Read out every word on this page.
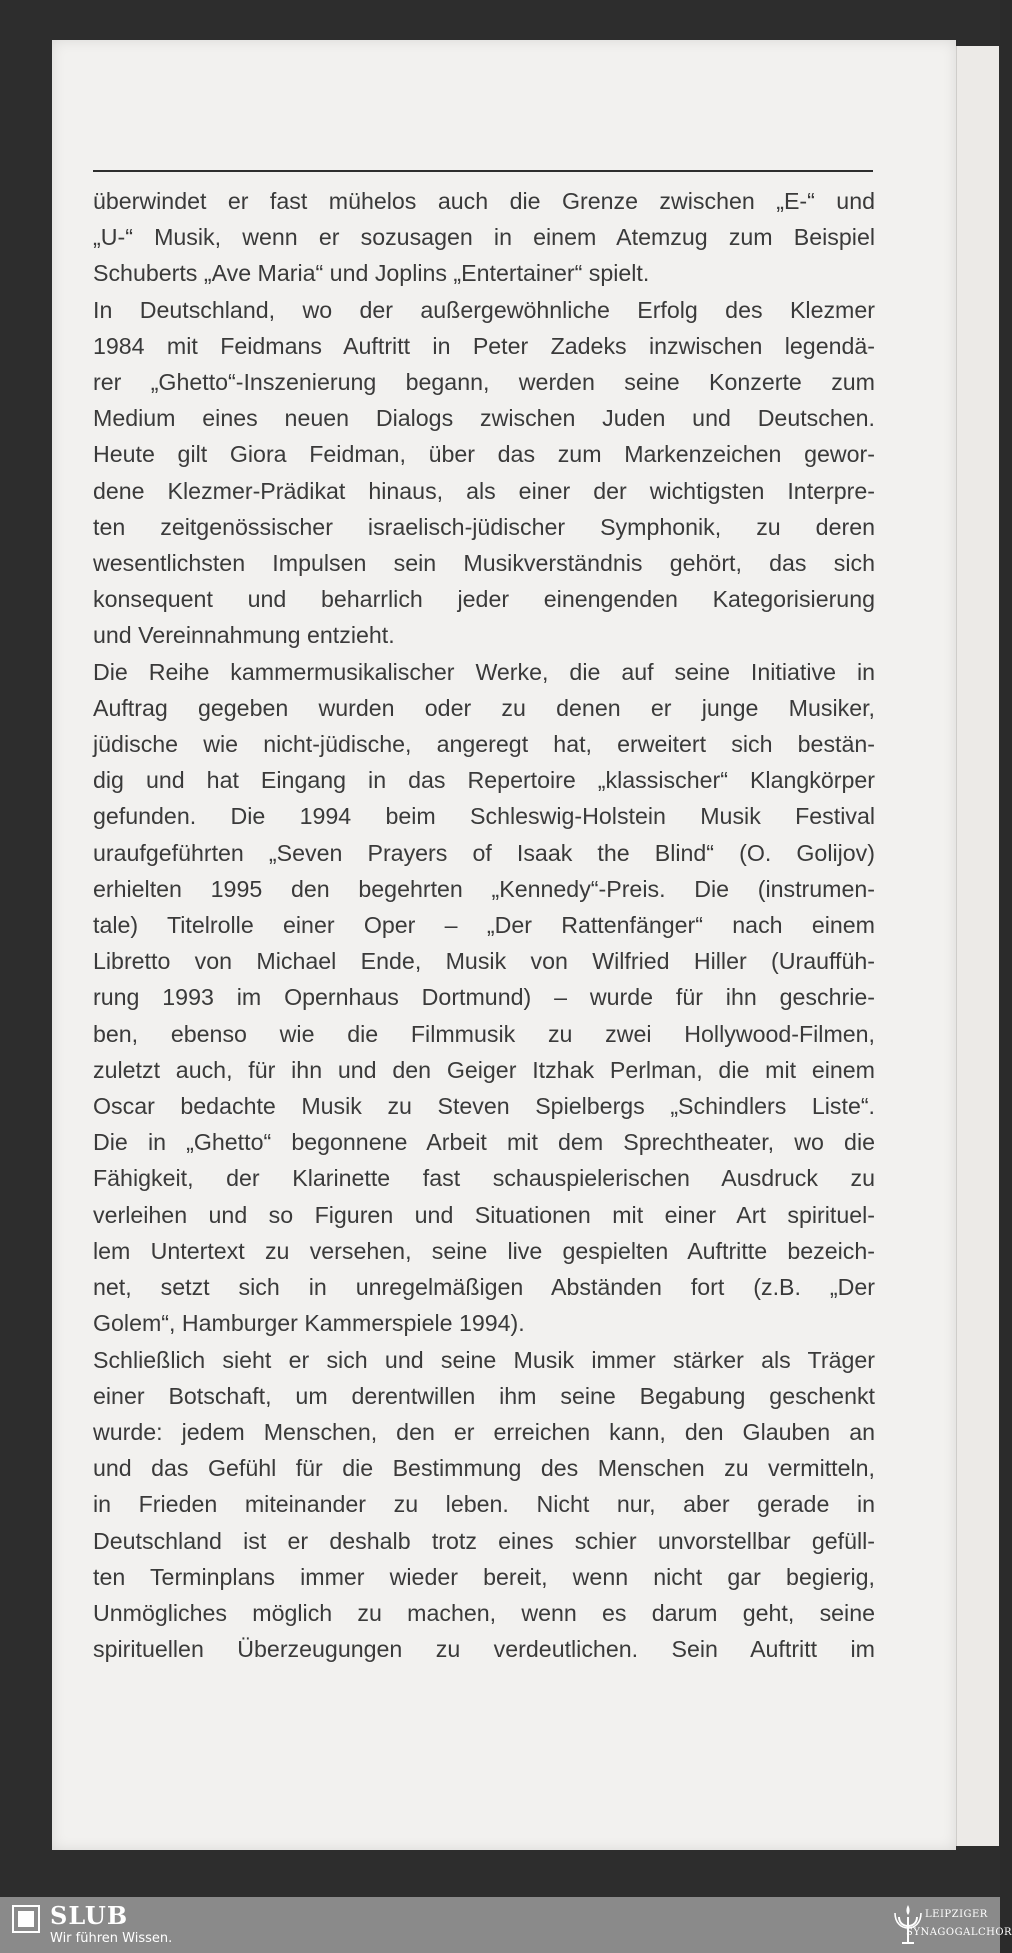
überwindet er fast mühelos auch die Grenze zwischen „E-“ und
„U-“ Musik, wenn er sozusagen in einem Atemzug zum Beispiel
Schuberts „Ave Maria“ und Joplins „Entertainer“ spielt.
In Deutschland, wo der außergewöhnliche Erfolg des Klezmer
1984 mit Feidmans Auftritt in Peter Zadeks inzwischen legendä-
rer „Ghetto“-Inszenierung begann, werden seine Konzerte zum
Medium eines neuen Dialogs zwischen Juden und Deutschen.
Heute gilt Giora Feidman, über das zum Markenzeichen gewor-
dene Klezmer-Prädikat hinaus, als einer der wichtigsten Interpre-
ten zeitgenössischer israelisch-jüdischer Symphonik, zu deren
wesentlichsten Impulsen sein Musikverständnis gehört, das sich
konsequent und beharrlich jeder einengenden Kategorisierung
und Vereinnahmung entzieht.
Die Reihe kammermusikalischer Werke, die auf seine Initiative in
Auftrag gegeben wurden oder zu denen er junge Musiker,
jüdische wie nicht-jüdische, angeregt hat, erweitert sich bestän-
dig und hat Eingang in das Repertoire „klassischer“ Klangkörper
gefunden. Die 1994 beim Schleswig-Holstein Musik Festival
uraufgeführten „Seven Prayers of Isaak the Blind“ (O. Golijov)
erhielten 1995 den begehrten „Kennedy“-Preis. Die (instrumen-
tale) Titelrolle einer Oper – „Der Rattenfänger“ nach einem
Libretto von Michael Ende, Musik von Wilfried Hiller (Urauffüh-
rung 1993 im Opernhaus Dortmund) – wurde für ihn geschrie-
ben, ebenso wie die Filmmusik zu zwei Hollywood-Filmen,
zuletzt auch, für ihn und den Geiger Itzhak Perlman, die mit einem
Oscar bedachte Musik zu Steven Spielbergs „Schindlers Liste“.
Die in „Ghetto“ begonnene Arbeit mit dem Sprechtheater, wo die
Fähigkeit, der Klarinette fast schauspielerischen Ausdruck zu
verleihen und so Figuren und Situationen mit einer Art spirituel-
lem Untertext zu versehen, seine live gespielten Auftritte bezeich-
net, setzt sich in unregelmäßigen Abständen fort (z.B. „Der
Golem“, Hamburger Kammerspiele 1994).
Schließlich sieht er sich und seine Musik immer stärker als Träger
einer Botschaft, um derentwillen ihm seine Begabung geschenkt
wurde: jedem Menschen, den er erreichen kann, den Glauben an
und das Gefühl für die Bestimmung des Menschen zu vermitteln,
in Frieden miteinander zu leben. Nicht nur, aber gerade in
Deutschland ist er deshalb trotz eines schier unvorstellbar gefüll-
ten Terminplans immer wieder bereit, wenn nicht gar begierig,
Unmögliches möglich zu machen, wenn es darum geht, seine
spirituellen Überzeugungen zu verdeutlichen. Sein Auftritt im
SLUB
Wir führen Wissen.
LEIPZIGER
SYNAGOGALCHOR
